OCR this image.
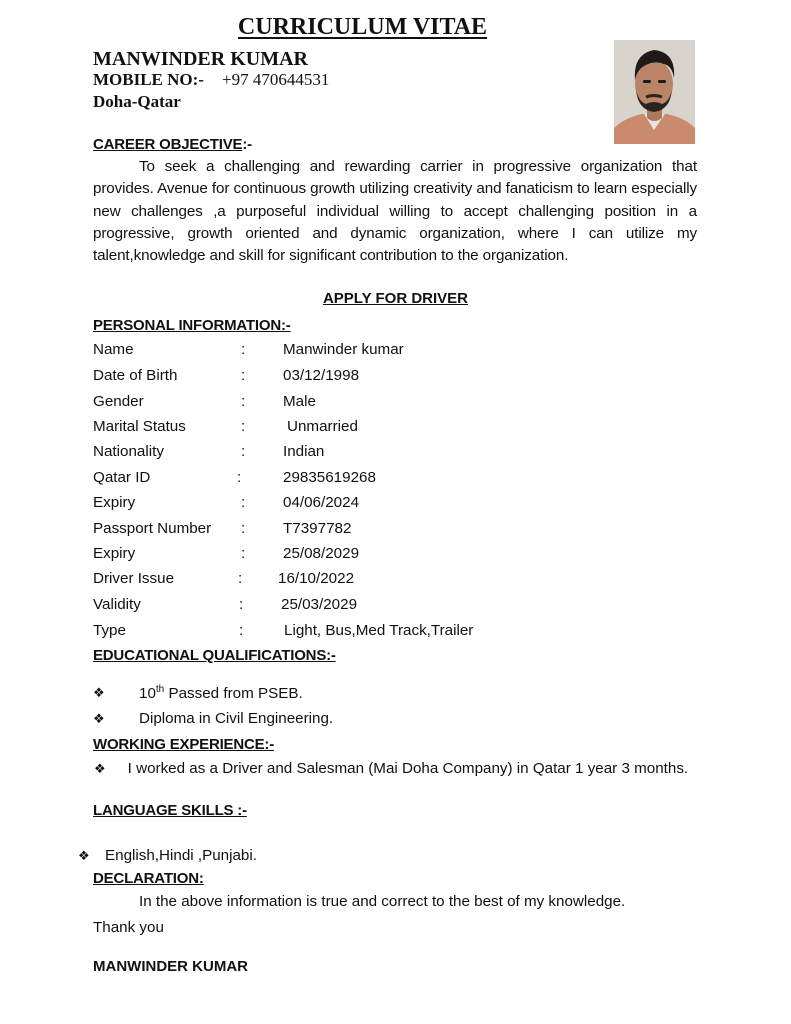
CURRICULUM VITAE
MANWINDER KUMAR
MOBILE NO:- +97 470644531
Doha-Qatar
CAREER OBJECTIVE:-
To seek a challenging and rewarding carrier in progressive organization that provides. Avenue for continuous growth utilizing creativity and fanaticism to learn especially new challenges ,a purposeful individual willing to accept challenging position in a progressive, growth oriented and dynamic organization, where I can utilize my talent,knowledge and skill for significant contribution to the organization.
APPLY FOR DRIVER
PERSONAL INFORMATION:-
Name	: Manwinder kumar
Date of Birth	: 03/12/1998
Gender	: Male
Marital Status	:	Unmarried
Nationality	: Indian
Qatar ID	:	29835619268
Expiry	: 04/06/2024
Passport Number : T7397782
Expiry	: 25/08/2029
Driver Issue	: 16/10/2022
Validity	: 25/03/2029
Type	:	Light, Bus,Med Track,Trailer
EDUCATIONAL QUALIFICATIONS:-
❖ 10th Passed from PSEB.
❖ Diploma in Civil Engineering.
WORKING EXPERIENCE:-
❖ I worked as a Driver and Salesman (Mai Doha Company) in Qatar 1 year 3 months.
LANGUAGE SKILLS :-
❖ English,Hindi ,Punjabi.
DECLARATION:
In the above information is true and correct to the best of my knowledge.
Thank you
MANWINDER KUMAR
